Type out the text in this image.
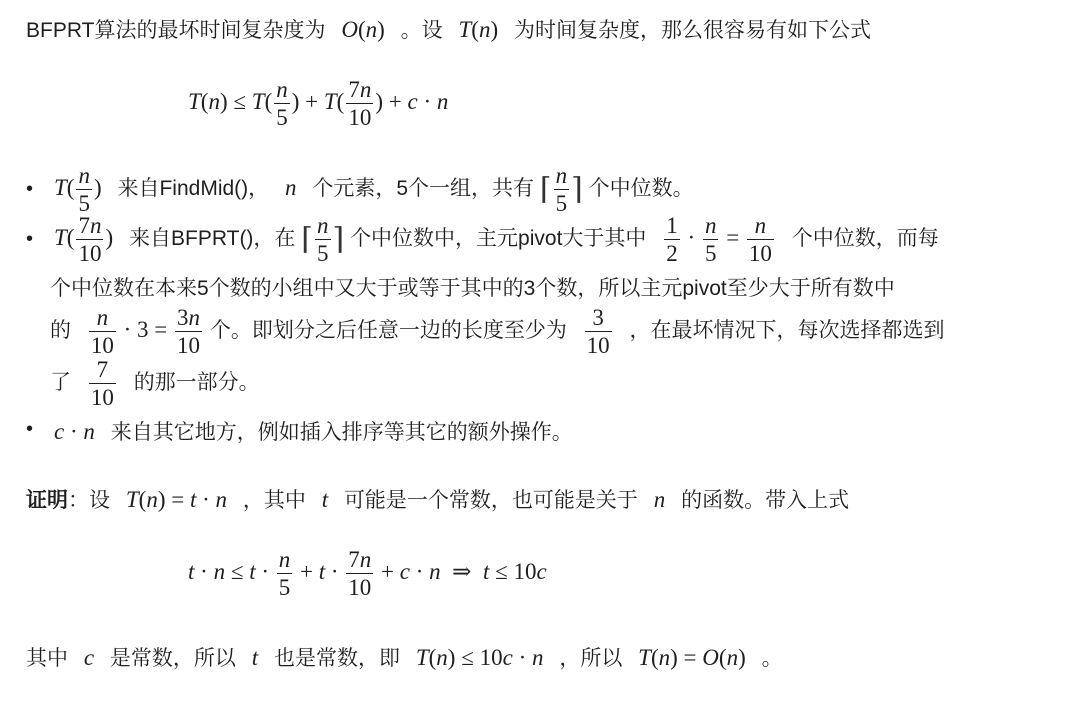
BFPRT算法的最坏时间复杂度为 O(n) 。设 T(n) 为时间复杂度，那么很容易有如下公式
$T(n) \le T( \frac{n}{5}$ ) + $T( \frac{7n}{10}$ ) + c · n
• $T( \frac{n}{5}$ ) 来自FindMid()， n 个元素，5个一组，共有 ⌈ $\frac{n}{5}$ ⌉ 个中位数。
• $T( \frac{7n}{10}$ ) 来自BFPRT()，在 ⌈ $\frac{n}{5}$ ⌉ 个中位数中，主元pivot大于其中 $\frac{1}{2} \cdot \frac{n}{5} = \frac{n}{10}$ 个中位数，而每
个中位数在本来5个数的小组中又大于或等于其中的3个数，所以主元pivot至少大于所有数中
的 $\frac{n}{10} \cdot 3 = \frac{3n}{10}$ 个。即划分之后任意一边的长度至少为 $\frac{3}{10}$ ，在最坏情况下，每次选择都选到
了 $\frac{7}{10}$ 的那一部分。
• c · n 来自其它地方，例如插入排序等其它的额外操作。
证明：设 T(n) = t · n ，其中 t 可能是一个常数，也可能是关于 n 的函数。带入上式
$t \cdot n \le t \cdot \frac{n}{5} + t \cdot \frac{7n}{10} + c \cdot n$  ⇒  t ≤ 10c
其中 c 是常数，所以 t 也是常数，即 T(n) ≤ 10c · n ，所以 T(n) = O(n) 。
